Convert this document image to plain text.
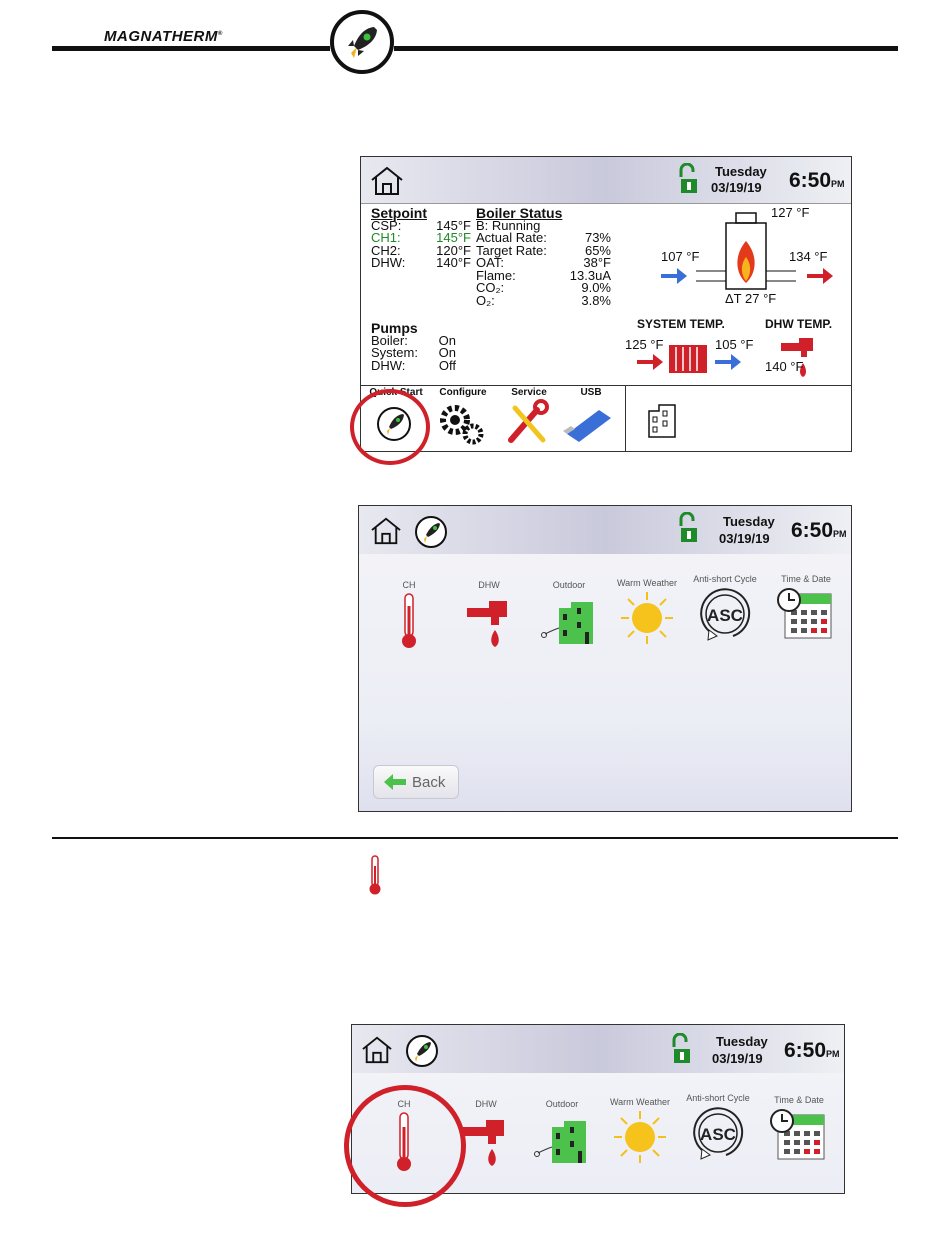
MAGNATHERM®
Tuesday
03/19/19 6:50PM
Setpoint
CSP:	145°F
CH1:	145°F
CH2:	120°F
DHW: 140°F
Boiler Status
B: Running
Actual Rate:	73%
Target Rate:	65%
OAT:	38°F
Flame:	13.3uA
CO₂:	9.0%
O₂:	3.8%
Pumps
Boiler: On
System: On
DHW:	Off
127 °F
107 °F	134 °F
ΔT 27 °F
SYSTEM TEMP.	DHW TEMP.
125 °F	105 °F
140 °F
Quick Start	Configure	Service	USB
Tuesday
03/19/19 6:50PM
CH	DHW	Outdoor	Warm Weather Anti-short Cycle
ASC
Time & Date
Back
Tuesday
03/19/19 6:50PM
CH	DHW	Outdoor	Warm Weather Anti-short Cycle
ASC
Time & Date
